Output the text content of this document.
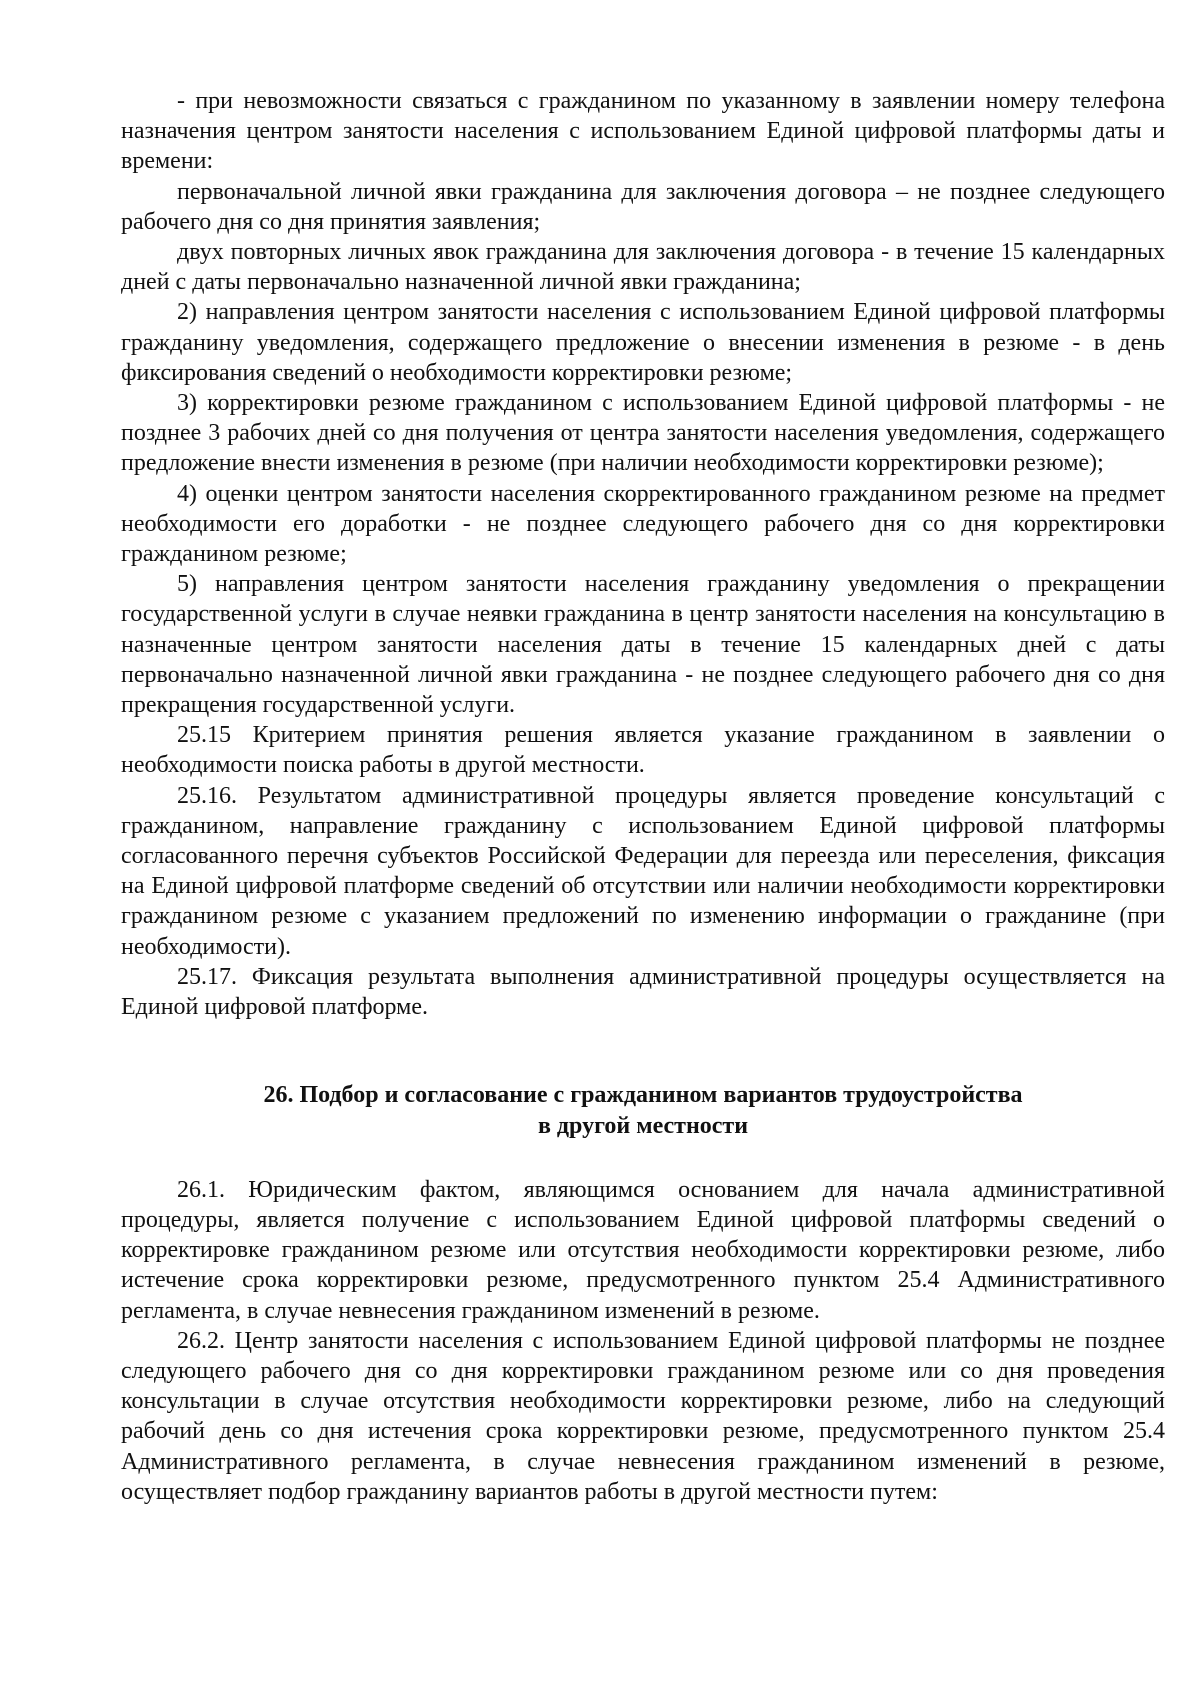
- при невозможности связаться с гражданином по указанному в заявлении номеру телефона назначения центром занятости населения с использованием Единой цифровой платформы даты и времени:

первоначальной личной явки гражданина для заключения договора – не позднее следующего рабочего дня со дня принятия заявления;

двух повторных личных явок гражданина для заключения договора - в течение 15 календарных дней с даты первоначально назначенной личной явки гражданина;

2) направления центром занятости населения с использованием Единой цифровой платформы гражданину уведомления, содержащего предложение о внесении изменения в резюме - в день фиксирования сведений о необходимости корректировки резюме;

3) корректировки резюме гражданином с использованием Единой цифровой платформы - не позднее 3 рабочих дней со дня получения от центра занятости населения уведомления, содержащего предложение внести изменения в резюме (при наличии необходимости корректировки резюме);

4) оценки центром занятости населения скорректированного гражданином резюме на предмет необходимости его доработки - не позднее следующего рабочего дня со дня корректировки гражданином резюме;

5) направления центром занятости населения гражданину уведомления о прекращении государственной услуги в случае неявки гражданина в центр занятости населения на консультацию в назначенные центром занятости населения даты в течение 15 календарных дней с даты первоначально назначенной личной явки гражданина - не позднее следующего рабочего дня со дня прекращения государственной услуги.

25.15 Критерием принятия решения является указание гражданином в заявлении о необходимости поиска работы в другой местности.

25.16. Результатом административной процедуры является проведение консультаций с гражданином, направление гражданину с использованием Единой цифровой платформы согласованного перечня субъектов Российской Федерации для переезда или переселения, фиксация на Единой цифровой платформе сведений об отсутствии или наличии необходимости корректировки гражданином резюме с указанием предложений по изменению информации о гражданине (при необходимости).

25.17. Фиксация результата выполнения административной процедуры осуществляется на Единой цифровой платформе.

26. Подбор и согласование с гражданином вариантов трудоустройства
в другой местности

26.1. Юридическим фактом, являющимся основанием для начала административной процедуры, является получение с использованием Единой цифровой платформы сведений о корректировке гражданином резюме или отсутствия необходимости корректировки резюме, либо истечение срока корректировки резюме, предусмотренного пунктом 25.4 Административного регламента, в случае невнесения гражданином изменений в резюме.

26.2. Центр занятости населения с использованием Единой цифровой платформы не позднее следующего рабочего дня со дня корректировки гражданином резюме или со дня проведения консультации в случае отсутствия необходимости корректировки резюме, либо на следующий рабочий день со дня истечения срока корректировки резюме, предусмотренного пунктом 25.4 Административного регламента, в случае невнесения гражданином изменений в резюме, осуществляет подбор гражданину вариантов работы в другой местности путем:
